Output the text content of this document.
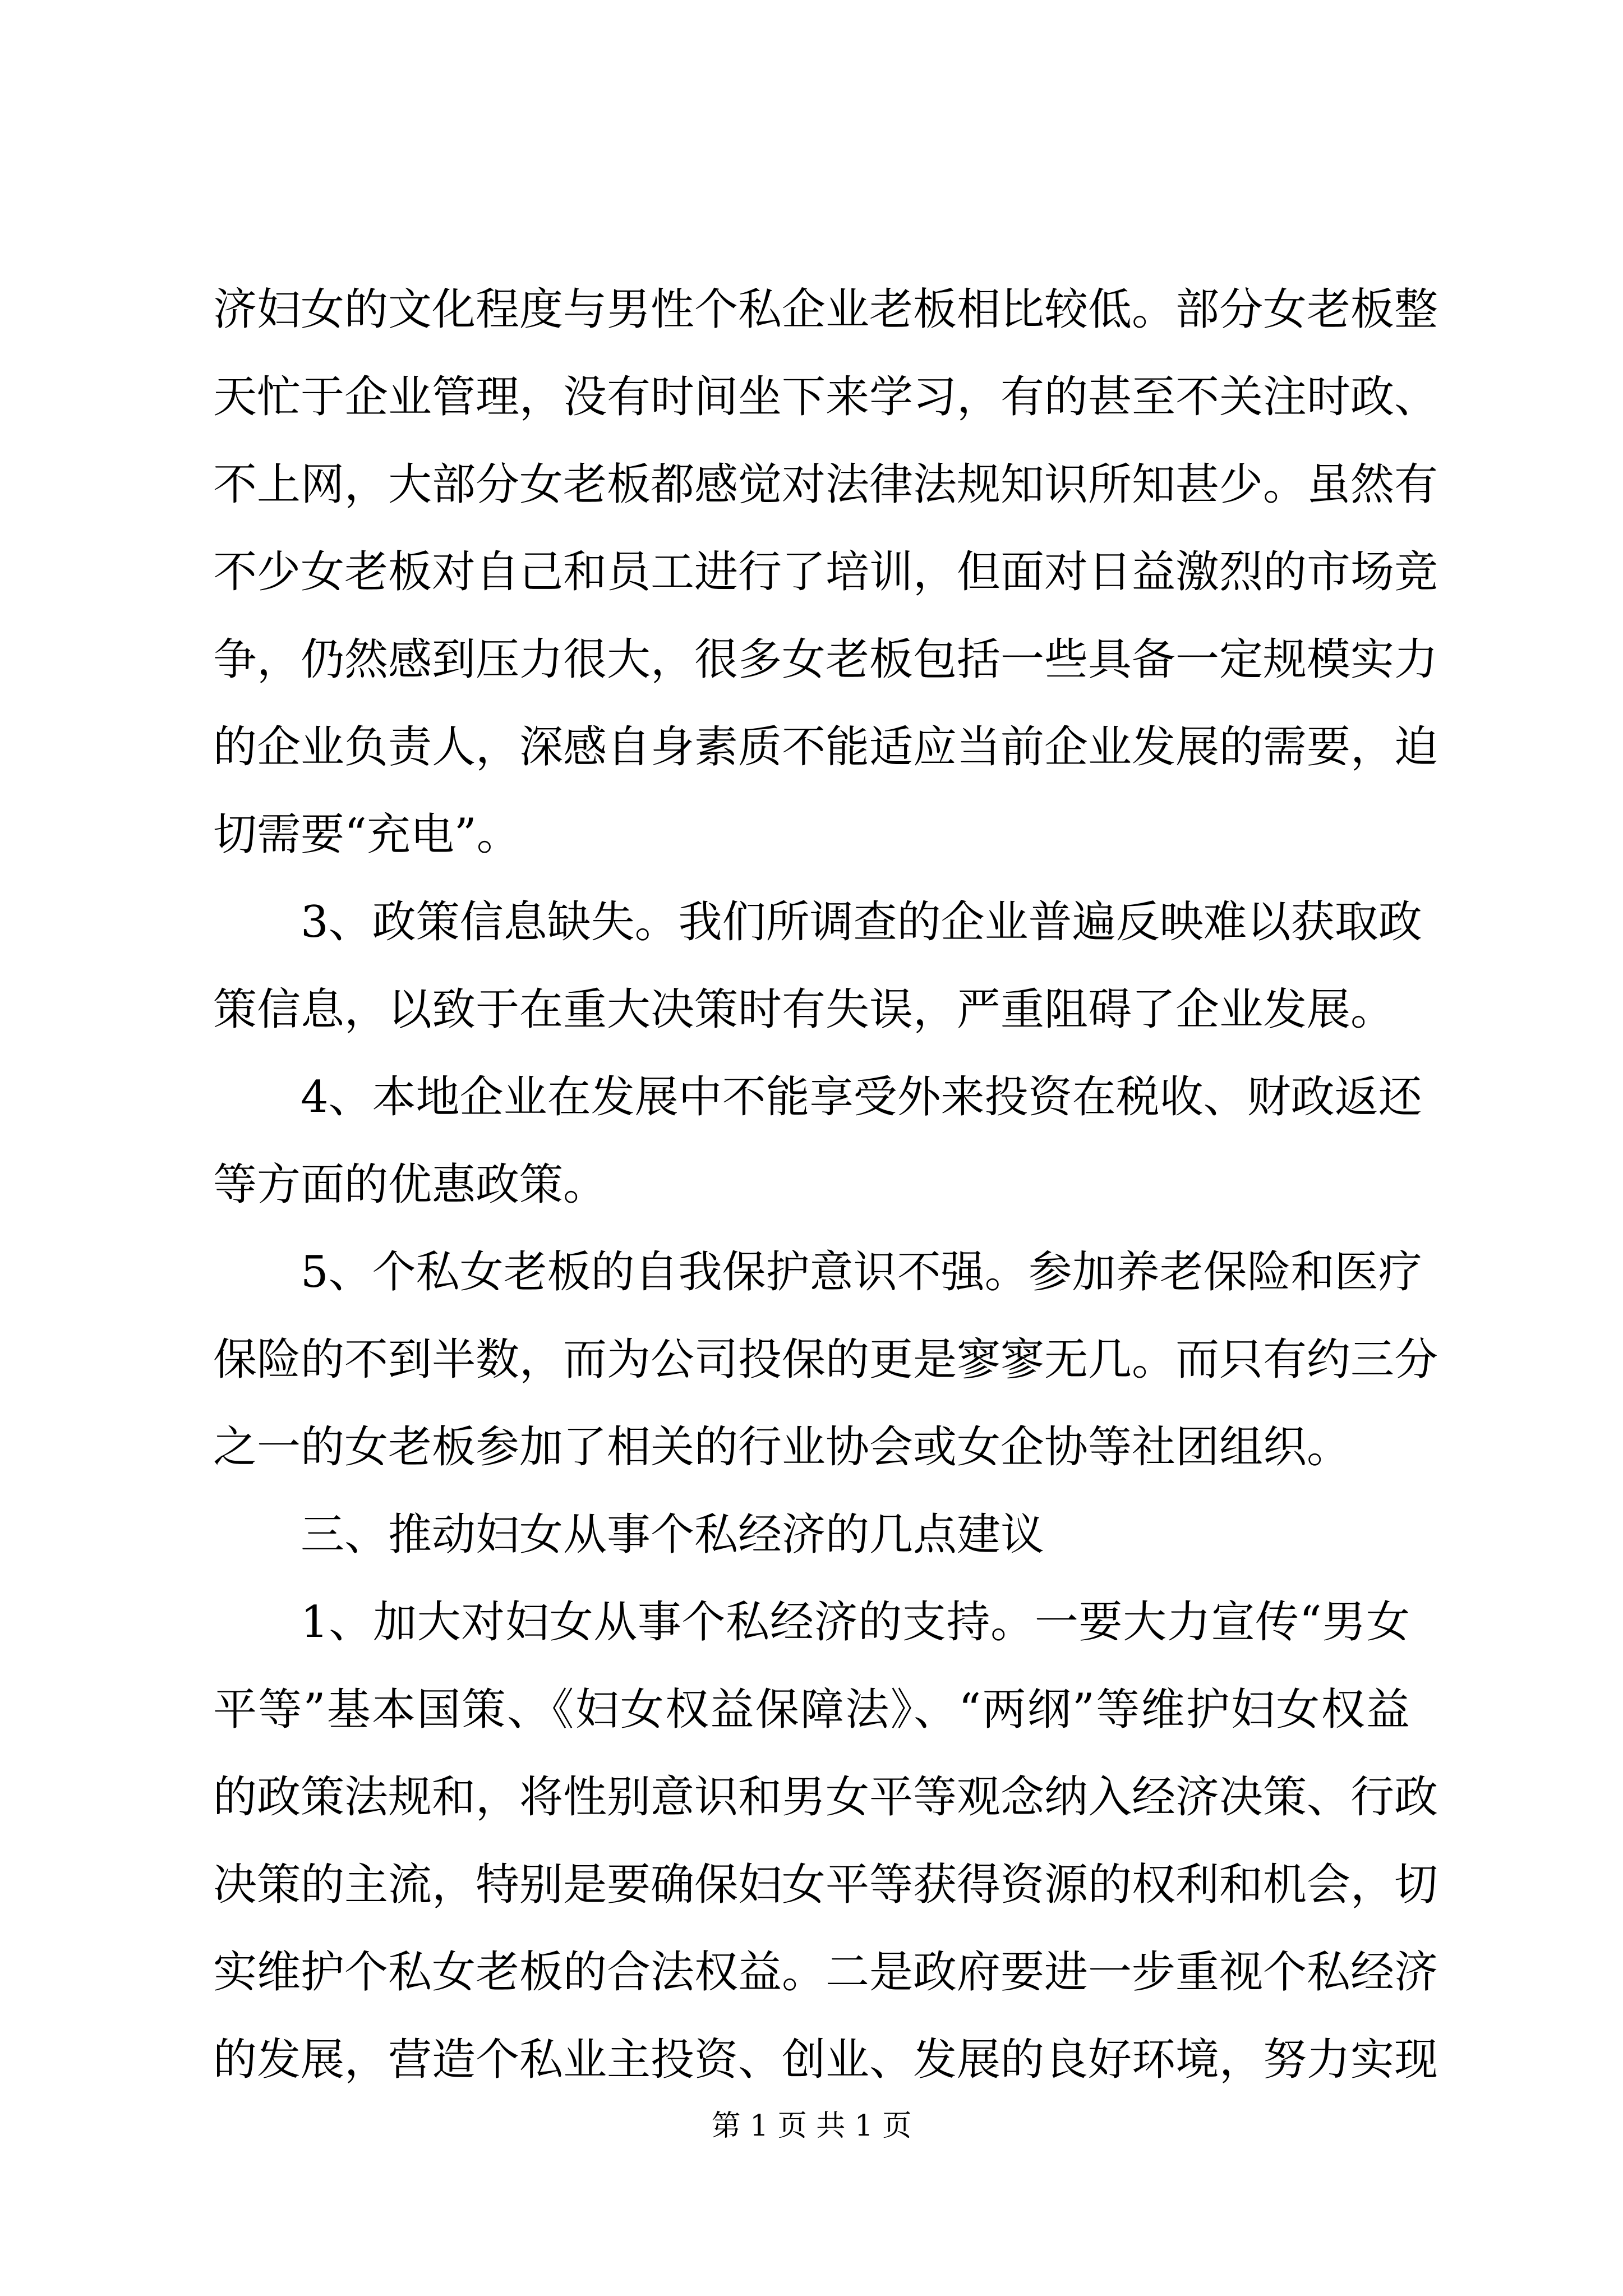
济妇女的文化程度与男性个私企业老板相比较低。部分女老板整
天忙于企业管理，没有时间坐下来学习，有的甚至不关注时政、
不上网，大部分女老板都感觉对法律法规知识所知甚少。虽然有
不少女老板对自己和员工进行了培训，但面对日益激烈的市场竞
争，仍然感到压力很大，很多女老板包括一些具备一定规模实力
的企业负责人，深感自身素质不能适应当前企业发展的需要，迫
切需要“充电”。
3、政策信息缺失。我们所调查的企业普遍反映难以获取政
策信息，以致于在重大决策时有失误，严重阻碍了企业发展。
4、本地企业在发展中不能享受外来投资在税收、财政返还
等方面的优惠政策。
5、个私女老板的自我保护意识不强。参加养老保险和医疗
保险的不到半数，而为公司投保的更是寥寥无几。而只有约三分
之一的女老板参加了相关的行业协会或女企协等社团组织。
三、推动妇女从事个私经济的几点建议
1、加大对妇女从事个私经济的支持。一要大力宣传“男女
平等”基本国策、《妇女权益保障法》、“两纲”等维护妇女权益
的政策法规和，将性别意识和男女平等观念纳入经济决策、行政
决策的主流，特别是要确保妇女平等获得资源的权利和机会，切
实维护个私女老板的合法权益。二是政府要进一步重视个私经济
的发展，营造个私业主投资、创业、发展的良好环境，努力实现
第 1 页 共 1 页
